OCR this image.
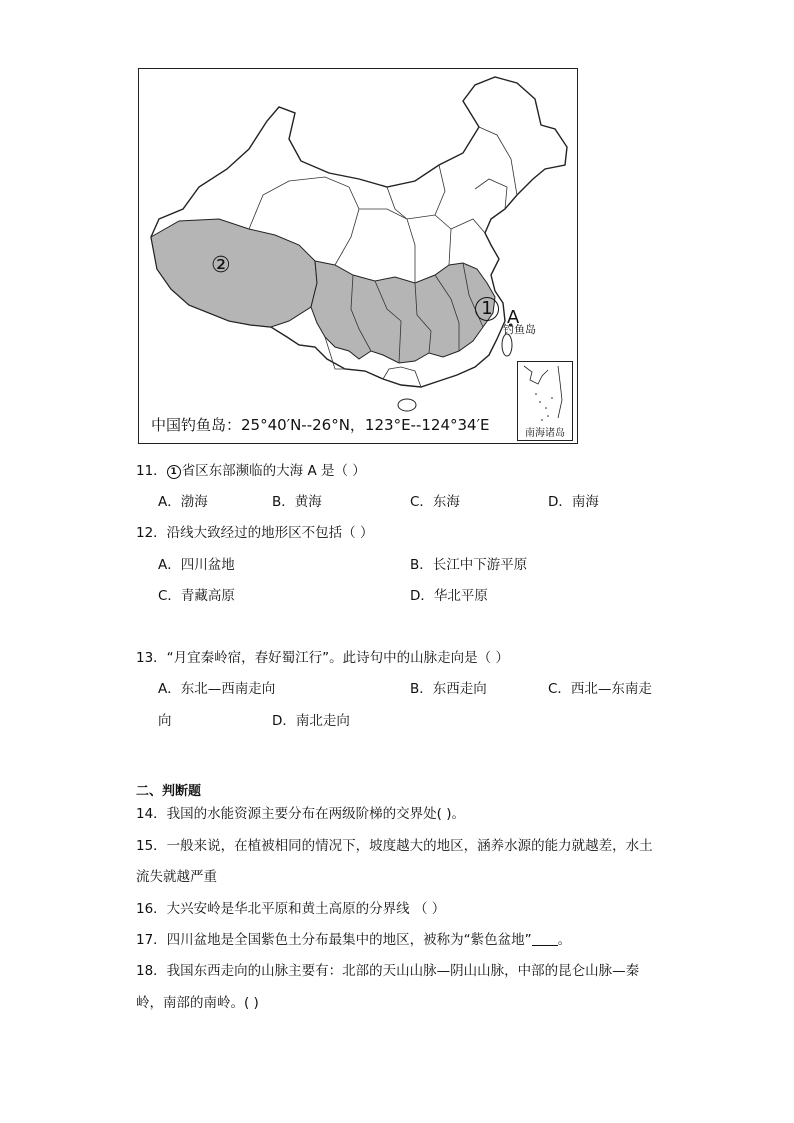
②
1 A
钓鱼岛
中国钓鱼岛：25°40′N--26°N，123°E--124°34′E	南海诸岛
11． 1 省区东部濒临的大海 A 是（ ）
A．渤海	B．黄海	C．东海	D．南海
12．沿线大致经过的地形区不包括（ ）
A．四川盆地	B．长江中下游平原
C．青藏高原	D．华北平原
13．“月宜秦岭宿，春好蜀江行”。此诗句中的山脉走向是（ ）
A．东北—西南走向	B．东西走向	C．西北—东南走
向	D．南北走向
二、判断题
14．我国的水能资源主要分布在两级阶梯的交界处( )。
15．一般来说，在植被相同的情况下，坡度越大的地区，涵养水源的能力就越差，水土
流失就越严重
16．大兴安岭是华北平原和黄土高原的分界线 （ ）
17．四川盆地是全国紫色土分布最集中的地区，被称为“紫色盆地” 。
18．我国东西走向的山脉主要有：北部的天山山脉—阴山山脉，中部的昆仑山脉—秦
岭，南部的南岭。( )
